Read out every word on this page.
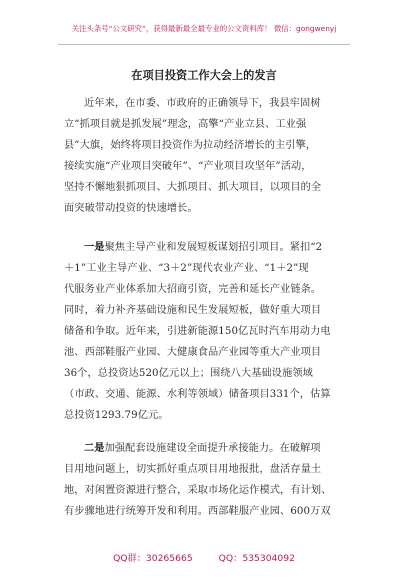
关注头条号“公文研究”，获得最新最全最专业的公文资料库！ 微信：gongwenyj
在项目投资工作大会上的发言
近年来，在市委、市政府的正确领导下，我县牢固树
立“抓项目就是抓发展”理念，高擎“产业立县、工业强
县”大旗，始终将项目投资作为拉动经济增长的主引擎，
接续实施“产业项目突破年”、“产业项目攻坚年”活动，
坚持不懈地狠抓项目、大抓项目、抓大项目，以项目的全
面突破带动投资的快速增长。
一是聚焦主导产业和发展短板谋划招引项目。紧扣“2
＋1”工业主导产业、“3＋2”现代农业产业、“1＋2”现
代服务业产业体系加大招商引资，完善和延长产业链条。
同时，着力补齐基础设施和民生发展短板，做好重大项目
储备和争取。近年来，引进新能源150亿瓦时汽车用动力电
池、西部鞋服产业园、大健康食品产业园等重大产业项目
36个，总投资达520亿元以上；围绕八大基础设施领域
（市政、交通、能源、水利等领域）储备项目331个，估算
总投资1293.79亿元。
二是加强配套设施建设全面提升承接能力。在破解项
目用地问题上，切实抓好重点项目用地报批，盘活存量土
地，对闲置资源进行整合，采取市场化运作模式，有计划、
有步骤地进行统筹开发和利用。西部鞋服产业园、600万双
QQ群：30265665	QQ：535304092
